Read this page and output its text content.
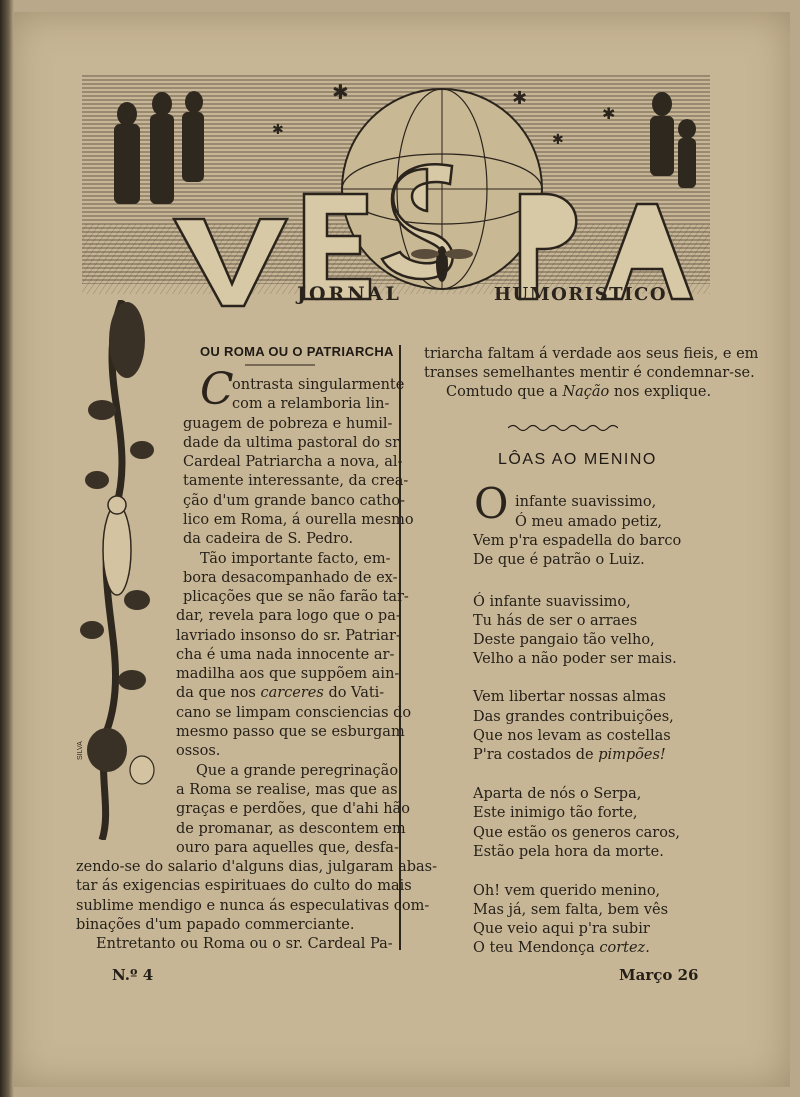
✱	✱
✱
✱
✱
JORNAL	HUMORISTICO
SILVA
OU ROMA OU O PATRIARCHA
C
ontrasta singularmente
com a relamboria lin-
guagem de pobreza e humil-
dade da ultima pastoral do sr.
Cardeal Patriarcha a nova, al-
tamente interessante, da crea-
ção d'um grande banco catho-
lico em Roma, á ourella mesmo
da cadeira de S. Pedro.
Tão importante facto, em-
bora desacompanhado de ex-
plicações que se não farão tar-
dar, revela para logo que o pa-
lavriado insonso do sr. Patriar-
cha é uma nada innocente ar-
madilha aos que suppõem ain-
da que nos carceres do Vati-
cano se limpam consciencias do
mesmo passo que se esburgam
ossos.
Que a grande peregrinação
a Roma se realise, mas que as
graças e perdões, que d'ahi hão
de promanar, as descontem em
ouro para aquelles que, desfa-
zendo-se do salario d'alguns dias, julgaram abas-
tar ás exigencias espirituaes do culto do mais
sublime mendigo e nunca ás especulativas com-
binações d'um papado commerciante.
Entretanto ou Roma ou o sr. Cardeal Pa-
triarcha faltam á verdade aos seus fieis, e em
transes semelhantes mentir é condemnar-se.
Comtudo que a Nação nos explique.
LÔAS AO MENINO
O infante suavissimo,
Ó meu amado petiz,
Vem p'ra espadella do barco
De que é patrão o Luiz.
Ó infante suavissimo,
Tu hás de ser o arraes
Deste pangaio tão velho,
Velho a não poder ser mais.
Vem libertar nossas almas
Das grandes contribuições,
Que nos levam as costellas
P'ra costados de pimpões!
Aparta de nós o Serpa,
Este inimigo tão forte,
Que estão os generos caros,
Estão pela hora da morte.
Oh! vem querido menino,
Mas já, sem falta, bem vês
Que veio aqui p'ra subir
O teu Mendonça cortez.
N.º 4	Março 26
